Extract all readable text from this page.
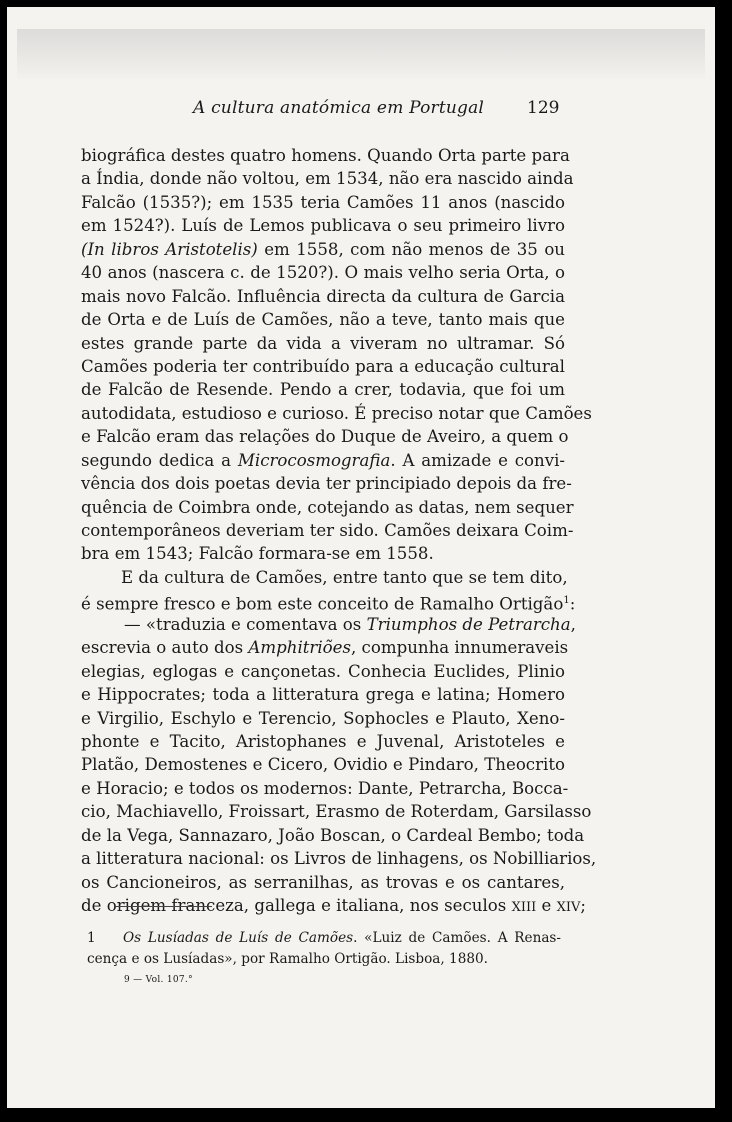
A cultura anatómica em Portugal	129
biográfica destes quatro homens. Quando Orta parte para
a Índia, donde não voltou, em 1534, não era nascido ainda
Falcão (1535?); em 1535 teria Camões 11 anos (nascido
em 1524?). Luís de Lemos publicava o seu primeiro livro
(In libros Aristotelis) em 1558, com não menos de 35 ou
40 anos (nascera c. de 1520?). O mais velho seria Orta, o
mais novo Falcão. Influência directa da cultura de Garcia
de Orta e de Luís de Camões, não a teve, tanto mais que
estes grande parte da vida a viveram no ultramar. Só
Camões poderia ter contribuído para a educação cultural
de Falcão de Resende. Pendo a crer, todavia, que foi um
autodidata, estudioso e curioso. É preciso notar que Camões
e Falcão eram das relações do Duque de Aveiro, a quem o
segundo dedica a Microcosmografia. A amizade e convi-
vência dos dois poetas devia ter principiado depois da fre-
quência de Coimbra onde, cotejando as datas, nem sequer
contemporâneos deveriam ter sido. Camões deixara Coim-
bra em 1543; Falcão formara-se em 1558.
E da cultura de Camões, entre tanto que se tem dito,
é sempre fresco e bom este conceito de Ramalho Ortigão$^1$:
— «traduzia e comentava os Triumphos de Petrarcha,
escrevia o auto dos Amphitriões, compunha innumeraveis
elegias, eglogas e cançonetas. Conhecia Euclides, Plinio
e Hippocrates; toda a litteratura grega e latina; Homero
e Virgilio, Eschylo e Terencio, Sophocles e Plauto, Xeno-
phonte e Tacito, Aristophanes e Juvenal, Aristoteles e
Platão, Demostenes e Cicero, Ovidio e Pindaro, Theocrito
e Horacio; e todos os modernos: Dante, Petrarcha, Bocca-
cio, Machiavello, Froissart, Erasmo de Roterdam, Garsilasso
de la Vega, Sannazaro, João Boscan, o Cardeal Bembo; toda
a litteratura nacional: os Livros de linhagens, os Nobilliarios,
os Cancioneiros, as serranilhas, as trovas e os cantares,
de origem franceza, gallega e italiana, nos seculos XIII e XIV;
1 Os Lusíadas de Luís de Camões. «Luiz de Camões. A Renas-
cença e os Lusíadas», por Ramalho Ortigão. Lisboa, 1880.
9 — Vol. 107.°
